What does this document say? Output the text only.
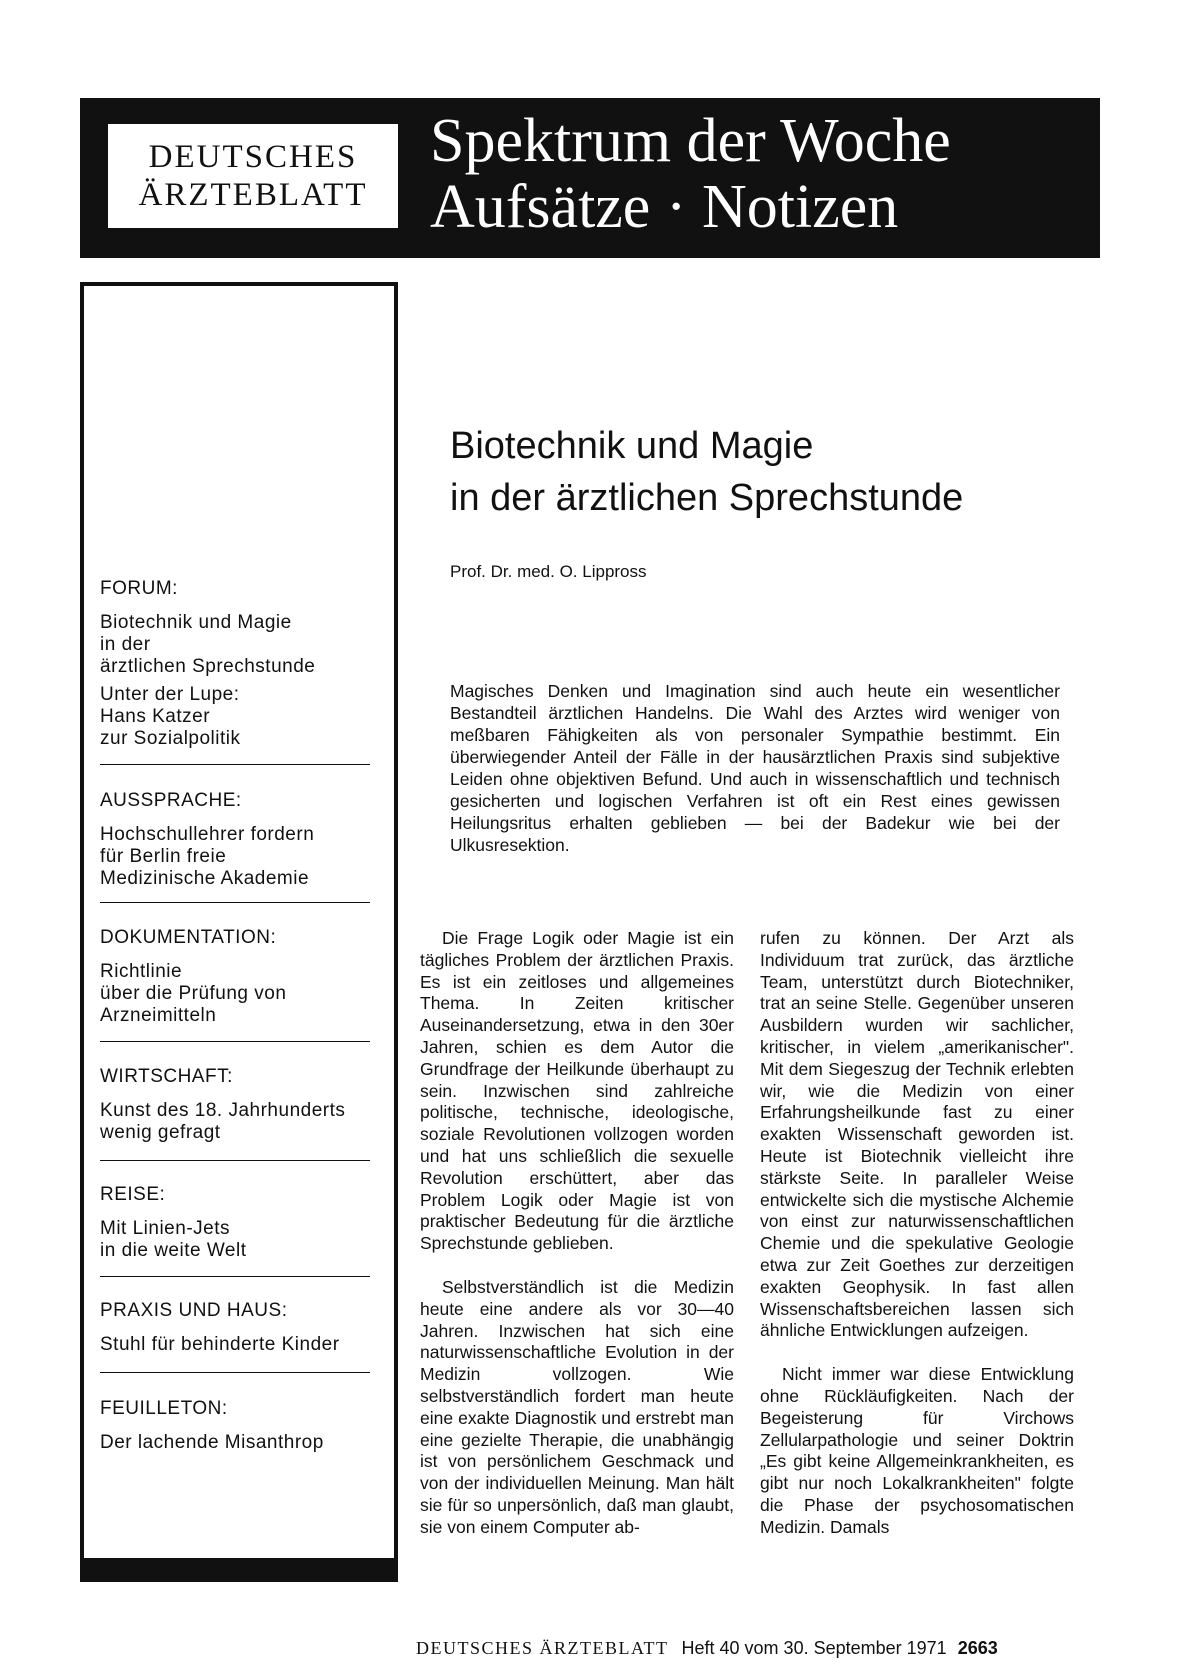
DEUTSCHES
ÄRZTEBLATT
Spektrum der Woche
Aufsätze · Notizen
FORUM:
Biotechnik und Magie
in der
ärztlichen Sprechstunde
Unter der Lupe:
Hans Katzer
zur Sozialpolitik
AUSSPRACHE:
Hochschullehrer fordern
für Berlin freie
Medizinische Akademie
DOKUMENTATION:
Richtlinie
über die Prüfung von
Arzneimitteln
WIRTSCHAFT:
Kunst des 18. Jahrhunderts
wenig gefragt
REISE:
Mit Linien-Jets
in die weite Welt
PRAXIS UND HAUS:
Stuhl für behinderte Kinder
FEUILLETON:
Der lachende Misanthrop
Biotechnik und Magie
in der ärztlichen Sprechstunde
Prof. Dr. med. O. Lippross
Magisches Denken und Imagination sind auch heute ein wesentlicher Bestandteil ärztlichen Handelns. Die Wahl des Arztes wird weniger von meßbaren Fähigkeiten als von personaler Sympathie bestimmt. Ein überwiegender Anteil der Fälle in der hausärztlichen Praxis sind subjektive Leiden ohne objektiven Befund. Und auch in wissenschaftlich und technisch gesicherten und logischen Verfahren ist oft ein Rest eines gewissen Heilungsritus erhalten geblieben — bei der Badekur wie bei der Ulkusresektion.

Die Frage Logik oder Magie ist ein tägliches Problem der ärztlichen Praxis. Es ist ein zeitloses und allgemeines Thema. In Zeiten kritischer Auseinandersetzung, etwa in den 30er Jahren, schien es dem Autor die Grundfrage der Heilkunde überhaupt zu sein. Inzwischen sind zahlreiche politische, technische, ideologische, soziale Revolutionen vollzogen worden und hat uns schließlich die sexuelle Revolution erschüttert, aber das Problem Logik oder Magie ist von praktischer Bedeutung für die ärztliche Sprechstunde geblieben.

Selbstverständlich ist die Medizin heute eine andere als vor 30—40 Jahren. Inzwischen hat sich eine naturwissenschaftliche Evolution in der Medizin vollzogen. Wie selbstverständlich fordert man heute eine exakte Diagnostik und erstrebt man eine gezielte Therapie, die unabhängig ist von persönlichem Geschmack und von der individuellen Meinung. Man hält sie für so unpersönlich, daß man glaubt, sie von einem Computer ab-

rufen zu können. Der Arzt als Individuum trat zurück, das ärztliche Team, unterstützt durch Biotechniker, trat an seine Stelle. Gegenüber unseren Ausbildern wurden wir sachlicher, kritischer, in vielem „amerikanischer". Mit dem Siegeszug der Technik erlebten wir, wie die Medizin von einer Erfahrungsheilkunde fast zu einer exakten Wissenschaft geworden ist. Heute ist Biotechnik vielleicht ihre stärkste Seite. In paralleler Weise entwickelte sich die mystische Alchemie von einst zur naturwissenschaftlichen Chemie und die spekulative Geologie etwa zur Zeit Goethes zur derzeitigen exakten Geophysik. In fast allen Wissenschaftsbereichen lassen sich ähnliche Entwicklungen aufzeigen.

Nicht immer war diese Entwicklung ohne Rückläufigkeiten. Nach der Begeisterung für Virchows Zellularpathologie und seiner Doktrin „Es gibt keine Allgemeinkrankheiten, es gibt nur noch Lokalkrankheiten" folgte die Phase der psychosomatischen Medizin. Damals

DEUTSCHES ÄRZTEBLATT Heft 40 vom 30. September 1971 2663
